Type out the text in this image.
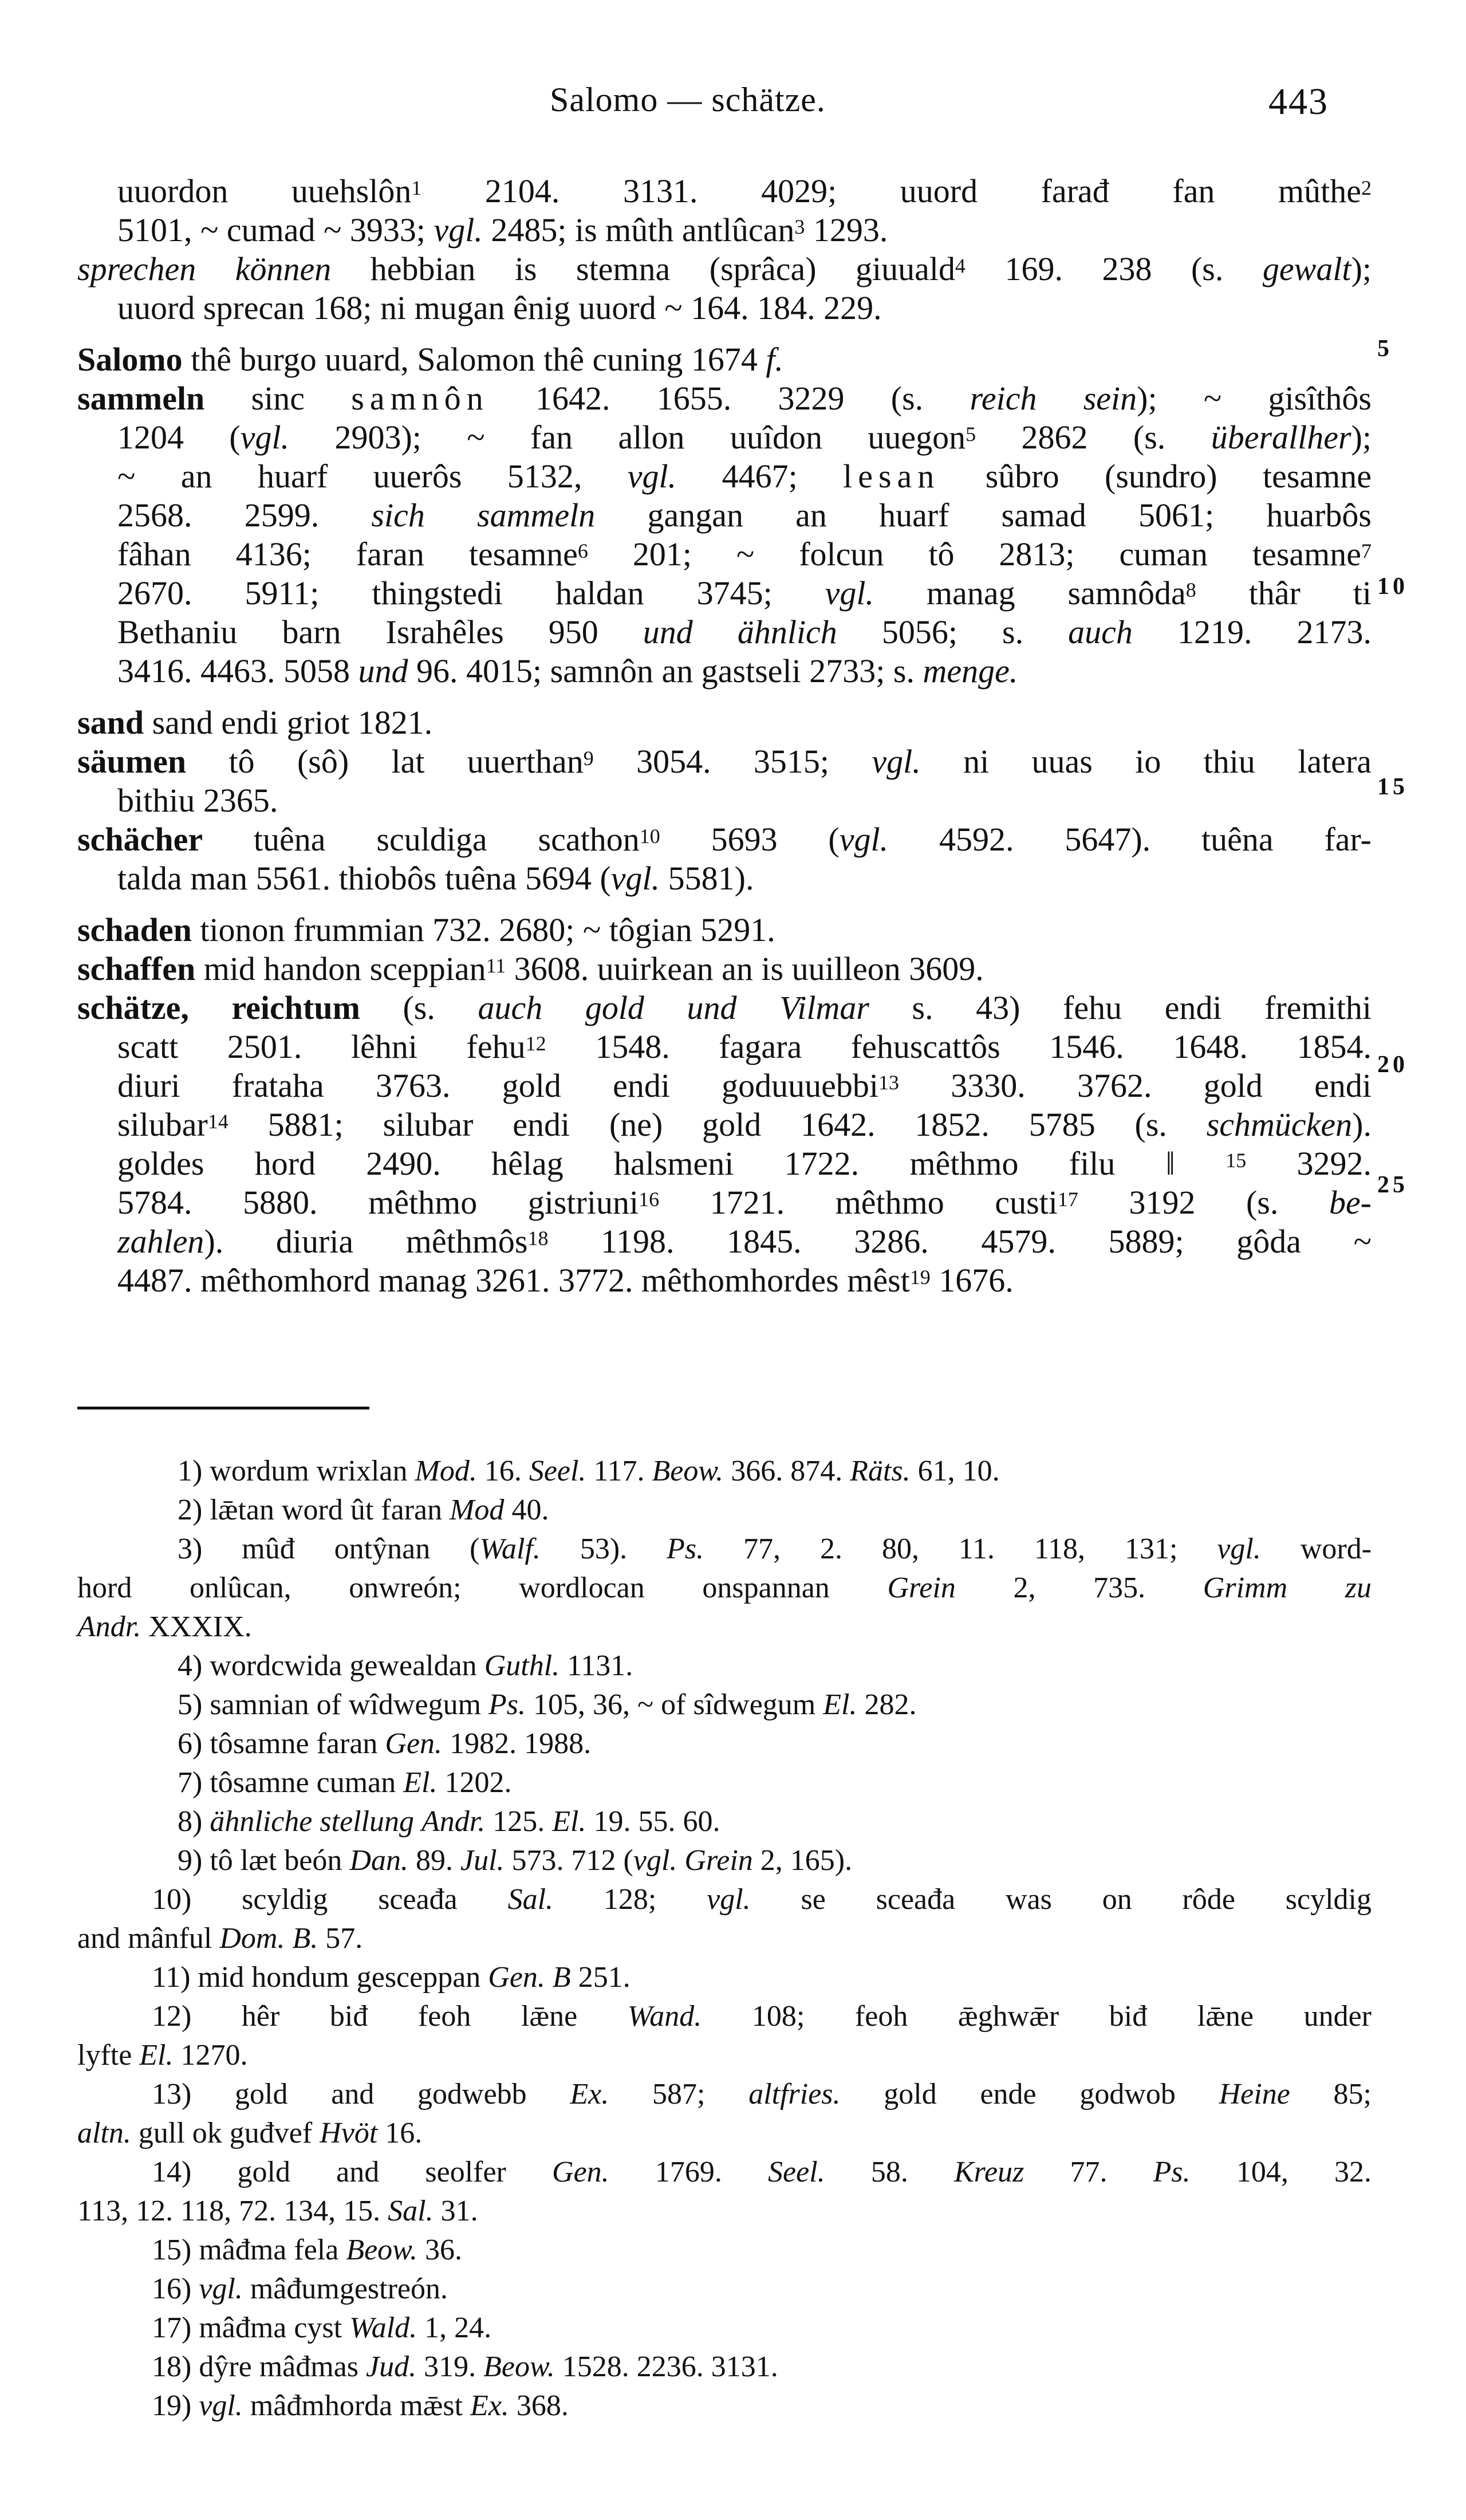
Salomo — schätze.	443
5
10
15
20
25
uuordon uuehslôn$^1$ 2104. 3131. 4029; uuord farađ fan mûthe$^2$
5101, ~ cumad ~ 3933; vgl. 2485; is mûth antlûcan$^3$ 1293.
sprechen können hebbian is stemna (sprâca) giuuald$^4$ 169. 238 (s. gewalt);
uuord sprecan 168; ni mugan ênig uuord ~ 164. 184. 229.
Salomo thê burgo uuard, Salomon thê cuning 1674 f.
sammeln sinc samnôn 1642. 1655. 3229 (s. reich sein); ~ gisîthôs
1204 (vgl. 2903); ~ fan allon uuîdon uuegon$^5$ 2862 (s. überallher);
~ an huarf uuerôs 5132, vgl. 4467; lesan sûbro (sundro) tesamne
2568. 2599. sich sammeln gangan an huarf samad 5061; huarbôs
fâhan 4136; faran tesamne$^6$ 201; ~ folcun tô 2813; cuman tesamne$^7$
2670. 5911; thingstedi haldan 3745; vgl. manag samnôda$^8$ thâr ti
Bethaniu barn Israhêles 950 und ähnlich 5056; s. auch 1219. 2173.
3416. 4463. 5058 und 96. 4015; samnôn an gastseli 2733; s. menge.
sand sand endi griot 1821.
säumen tô (sô) lat uuerthan$^9$ 3054. 3515; vgl. ni uuas io thiu latera
bithiu 2365.
schächer tuêna sculdiga scathon$^{10}$ 5693 (vgl. 4592. 5647). tuêna far-
talda man 5561. thiobôs tuêna 5694 (vgl. 5581).
schaden tionon frummian 732. 2680; ~ tôgian 5291.
schaffen mid handon sceppian$^{11}$ 3608. uuirkean an is uuilleon 3609.
schätze, reichtum (s. auch gold und Vilmar s. 43) fehu endi fremithi
scatt 2501. lêhni fehu$^{12}$ 1548. fagara fehuscattôs 1546. 1648. 1854.
diuri frataha 3763. gold endi goduuuebbi$^{13}$ 3330. 3762. gold endi
silubar$^{14}$ 5881; silubar endi (ne) gold 1642. 1852. 5785 (s. schmücken).
goldes hord 2490. hêlag halsmeni 1722. mêthmo filu ‖ $^{15}$ 3292.
5784. 5880. mêthmo gistriuni$^{16}$ 1721. mêthmo custi$^{17}$ 3192 (s. be-
zahlen). diuria mêthmôs$^{18}$ 1198. 1845. 3286. 4579. 5889; gôda ~
4487. mêthomhord manag 3261. 3772. mêthomhordes mêst$^{19}$ 1676.
1) wordum wrixlan Mod. 16. Seel. 117. Beow. 366. 874. Räts. 61, 10.
2) lǣtan word ût faran Mod 40.
3) mûđ ontŷnan (Walf. 53). Ps. 77, 2. 80, 11. 118, 131; vgl. word-
hord onlûcan, onwreón; wordlocan onspannan Grein 2, 735. Grimm zu
Andr. XXXIX.
4) wordcwida gewealdan Guthl. 1131.
5) samnian of wîdwegum Ps. 105, 36, ~ of sîdwegum El. 282.
6) tôsamne faran Gen. 1982. 1988.
7) tôsamne cuman El. 1202.
8) ähnliche stellung Andr. 125. El. 19. 55. 60.
9) tô læt beón Dan. 89. Jul. 573. 712 (vgl. Grein 2, 165).
10) scyldig sceađa Sal. 128; vgl. se sceađa was on rôde scyldig
and mânful Dom. B. 57.
11) mid hondum gesceppan Gen. B 251.
12) hêr biđ feoh lǣne Wand. 108; feoh ǣghwǣr biđ lǣne under
lyfte El. 1270.
13) gold and godwebb Ex. 587; altfries. gold ende godwob Heine 85;
altn. gull ok guđvef Hvöt 16.
14) gold and seolfer Gen. 1769. Seel. 58. Kreuz 77. Ps. 104, 32.
113, 12. 118, 72. 134, 15. Sal. 31.
15) mâđma fela Beow. 36.
16) vgl. mâđumgestreón.
17) mâđma cyst Wald. 1, 24.
18) dŷre mâđmas Jud. 319. Beow. 1528. 2236. 3131.
19) vgl. mâđmhorda mǣst Ex. 368.
